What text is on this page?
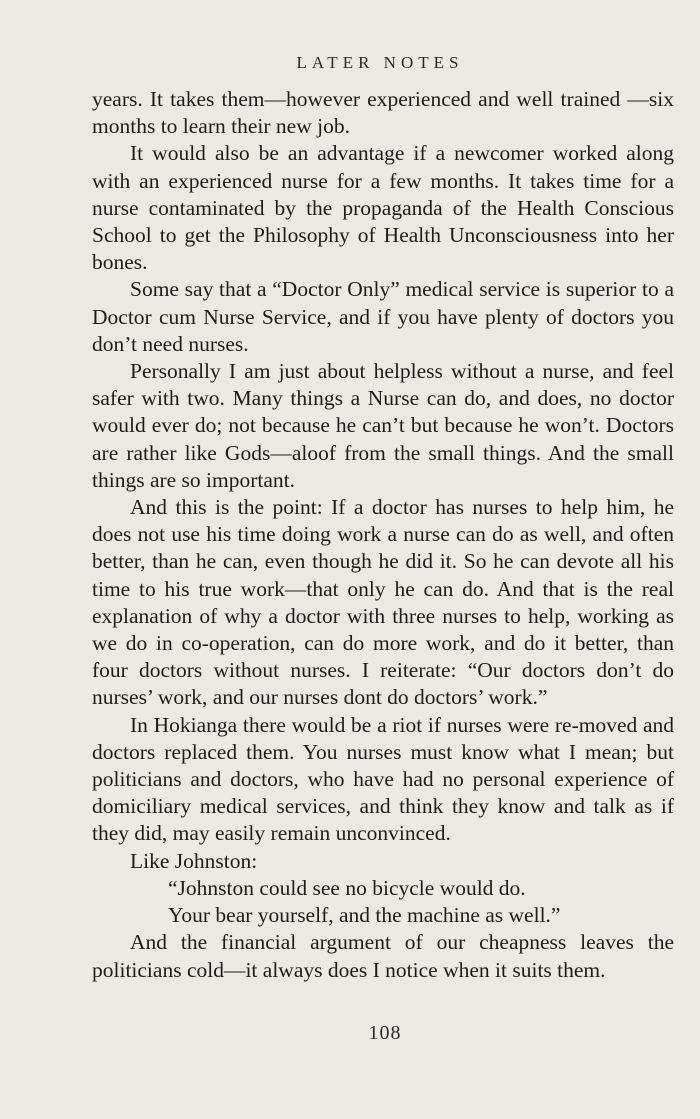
LATER NOTES

years. It takes them—however experienced and well trained —six months to learn their new job.

It would also be an advantage if a newcomer worked along with an experienced nurse for a few months. It takes time for a nurse contaminated by the propaganda of the Health Conscious School to get the Philosophy of Health Unconsciousness into her bones.

Some say that a “Doctor Only” medical service is superior to a Doctor cum Nurse Service, and if you have plenty of doctors you don’t need nurses.

Personally I am just about helpless without a nurse, and feel safer with two. Many things a Nurse can do, and does, no doctor would ever do; not because he can’t but because he won’t. Doctors are rather like Gods—aloof from the small things. And the small things are so important.

And this is the point: If a doctor has nurses to help him, he does not use his time doing work a nurse can do as well, and often better, than he can, even though he did it. So he can devote all his time to his true work—that only he can do. And that is the real explanation of why a doctor with three nurses to help, working as we do in co-operation, can do more work, and do it better, than four doctors without nurses. I reiterate: “Our doctors don’t do nurses’ work, and our nurses dont do doctors’ work.”

In Hokianga there would be a riot if nurses were re-moved and doctors replaced them. You nurses must know what I mean; but politicians and doctors, who have had no personal experience of domiciliary medical services, and think they know and talk as if they did, may easily remain unconvinced.

Like Johnston:

“Johnston could see no bicycle would do.

Your bear yourself, and the machine as well.”

And the financial argument of our cheapness leaves the politicians cold—it always does I notice when it suits them.

108
